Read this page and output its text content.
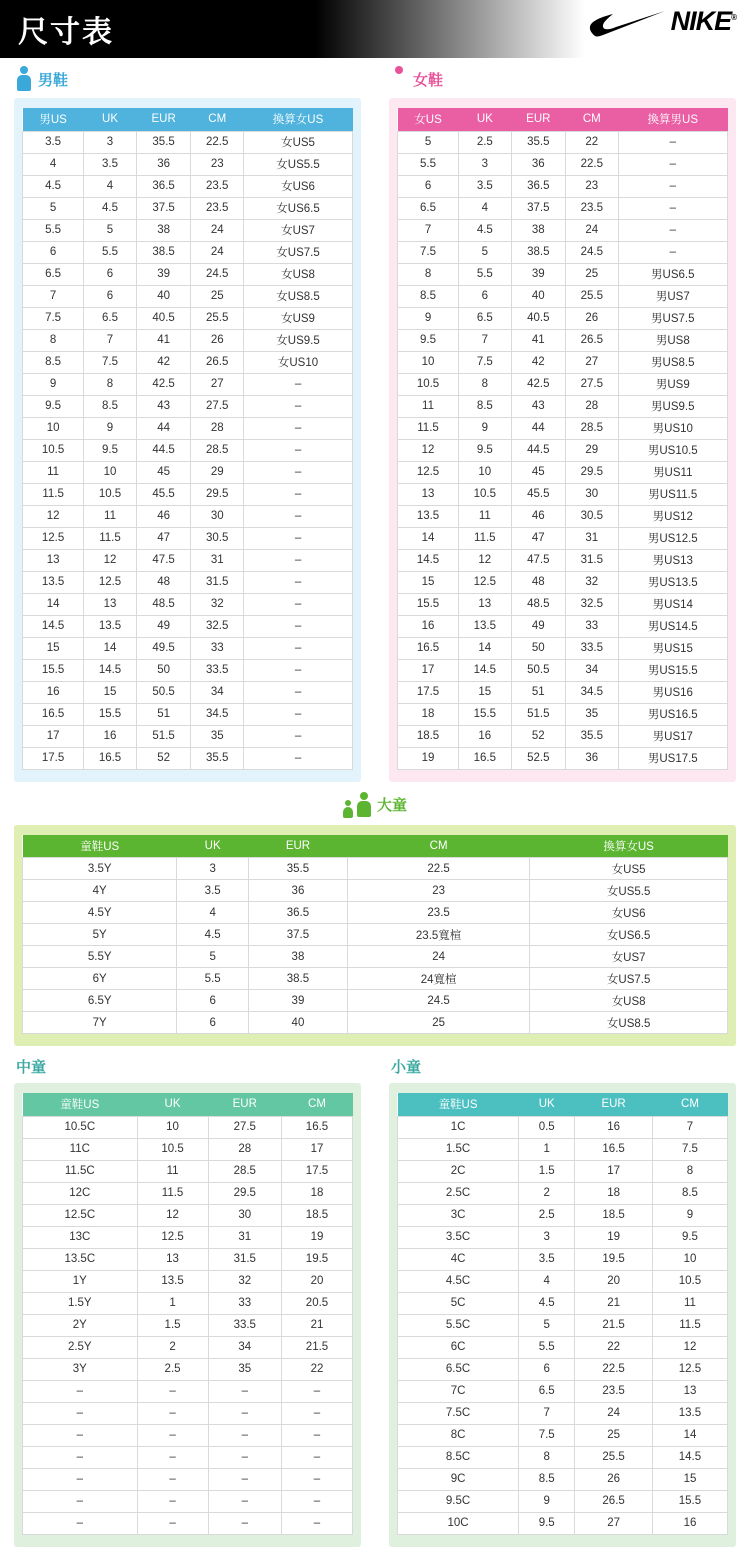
尺寸表	NIKE®
男鞋
男US	UK	EUR	CM	換算女US
3.5	3	35.5	22.5	女US5
4	3.5	36	23	女US5.5
4.5	4	36.5	23.5	女US6
5	4.5	37.5	23.5	女US6.5
5.5	5	38	24	女US7
6	5.5	38.5	24	女US7.5
6.5	6	39	24.5	女US8
7	6	40	25	女US8.5
7.5	6.5	40.5	25.5	女US9
8	7	41	26	女US9.5
8.5	7.5	42	26.5	女US10
9	8	42.5	27	–
9.5	8.5	43	27.5	–
10	9	44	28	–
10.5	9.5	44.5	28.5	–
11	10	45	29	–
11.5	10.5	45.5	29.5	–
12	11	46	30	–
12.5	11.5	47	30.5	–
13	12	47.5	31	–
13.5	12.5	48	31.5	–
14	13	48.5	32	–
14.5	13.5	49	32.5	–
15	14	49.5	33	–
15.5	14.5	50	33.5	–
16	15	50.5	34	–
16.5	15.5	51	34.5	–
17	16	51.5	35	–
17.5	16.5	52	35.5	–
女鞋
女US	UK	EUR	CM	換算男US
5	2.5	35.5	22	–
5.5	3	36	22.5	–
6	3.5	36.5	23	–
6.5	4	37.5	23.5	–
7	4.5	38	24	–
7.5	5	38.5	24.5	–
8	5.5	39	25	男US6.5
8.5	6	40	25.5	男US7
9	6.5	40.5	26	男US7.5
9.5	7	41	26.5	男US8
10	7.5	42	27	男US8.5
10.5	8	42.5	27.5	男US9
11	8.5	43	28	男US9.5
11.5	9	44	28.5	男US10
12	9.5	44.5	29	男US10.5
12.5	10	45	29.5	男US11
13	10.5	45.5	30	男US11.5
13.5	11	46	30.5	男US12
14	11.5	47	31	男US12.5
14.5	12	47.5	31.5	男US13
15	12.5	48	32	男US13.5
15.5	13	48.5	32.5	男US14
16	13.5	49	33	男US14.5
16.5	14	50	33.5	男US15
17	14.5	50.5	34	男US15.5
17.5	15	51	34.5	男US16
18	15.5	51.5	35	男US16.5
18.5	16	52	35.5	男US17
19	16.5	52.5	36	男US17.5
大童
童鞋US	UK	EUR	CM	換算女US
3.5Y	3	35.5	22.5	女US5
4Y	3.5	36	23	女US5.5
4.5Y	4	36.5	23.5	女US6
5Y	4.5	37.5	23.5寬楦	女US6.5
5.5Y	5	38	24	女US7
6Y	5.5	38.5	24寬楦	女US7.5
6.5Y	6	39	24.5	女US8
7Y	6	40	25	女US8.5
中童
童鞋US	UK	EUR	CM
10.5C	10	27.5	16.5
11C	10.5	28	17
11.5C	11	28.5	17.5
12C	11.5	29.5	18
12.5C	12	30	18.5
13C	12.5	31	19
13.5C	13	31.5	19.5
1Y	13.5	32	20
1.5Y	1	33	20.5
2Y	1.5	33.5	21
2.5Y	2	34	21.5
3Y	2.5	35	22
–	–	–	–
–	–	–	–
–	–	–	–
–	–	–	–
–	–	–	–
–	–	–	–
–	–	–	–
小童
童鞋US	UK	EUR	CM
1C	0.5	16	7
1.5C	1	16.5	7.5
2C	1.5	17	8
2.5C	2	18	8.5
3C	2.5	18.5	9
3.5C	3	19	9.5
4C	3.5	19.5	10
4.5C	4	20	10.5
5C	4.5	21	11
5.5C	5	21.5	11.5
6C	5.5	22	12
6.5C	6	22.5	12.5
7C	6.5	23.5	13
7.5C	7	24	13.5
8C	7.5	25	14
8.5C	8	25.5	14.5
9C	8.5	26	15
9.5C	9	26.5	15.5
10C	9.5	27	16
